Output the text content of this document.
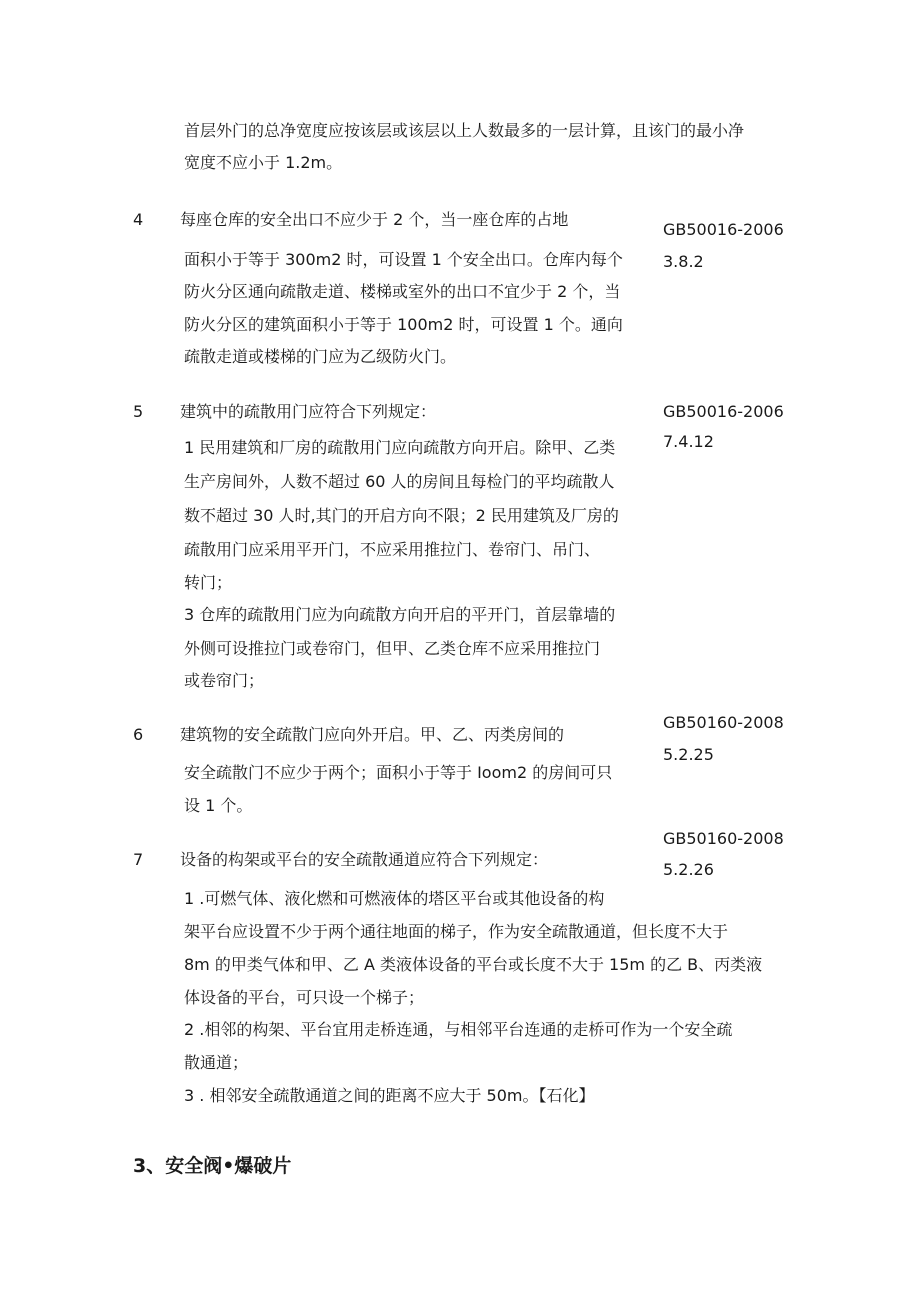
首层外门的总净宽度应按该层或该层以上人数最多的一层计算，且该门的最小净
宽度不应小于 1.2m。
4 每座仓库的安全出口不应少于 2 个，当一座仓库的占地
GB50016-2006
3.8.2
面积小于等于 300m2 时，可设置 1 个安全出口。仓库内每个
防火分区通向疏散走道、楼梯或室外的出口不宜少于 2 个，当
防火分区的建筑面积小于等于 100m2 时，可设置 1 个。通向
疏散走道或楼梯的门应为乙级防火门。
5 建筑中的疏散用门应符合下列规定：	GB50016-2006
7.4.12
1 民用建筑和厂房的疏散用门应向疏散方向开启。除甲、乙类
生产房间外，人数不超过 60 人的房间且每检门的平均疏散人
数不超过 30 人时,其门的开启方向不限；2 民用建筑及厂房的
疏散用门应采用平开门，不应采用推拉门、卷帘门、吊门、
转门；
3 仓库的疏散用门应为向疏散方向开启的平开门，首层靠墙的
外侧可设推拉门或卷帘门，但甲、乙类仓库不应采用推拉门
或卷帘门；
GB50160-2008
6 建筑物的安全疏散门应向外开启。甲、乙、丙类房间的
5.2.25
安全疏散门不应少于两个；面积小于等于 Ioom2 的房间可只
设 1 个。
GB50160-2008
7 设备的构架或平台的安全疏散通道应符合下列规定：
5.2.26
1 .可燃气体、液化燃和可燃液体的塔区平台或其他设备的构
架平台应设置不少于两个通往地面的梯子，作为安全疏散通道，但长度不大于
8m 的甲类气体和甲、乙 A 类液体设备的平台或长度不大于 15m 的乙 B、丙类液
体设备的平台，可只设一个梯子；
2 .相邻的构架、平台宜用走桥连通，与相邻平台连通的走桥可作为一个安全疏
散通道；
3 . 相邻安全疏散通道之间的距离不应大于 50m。【石化】
3、安全阀•爆破片
